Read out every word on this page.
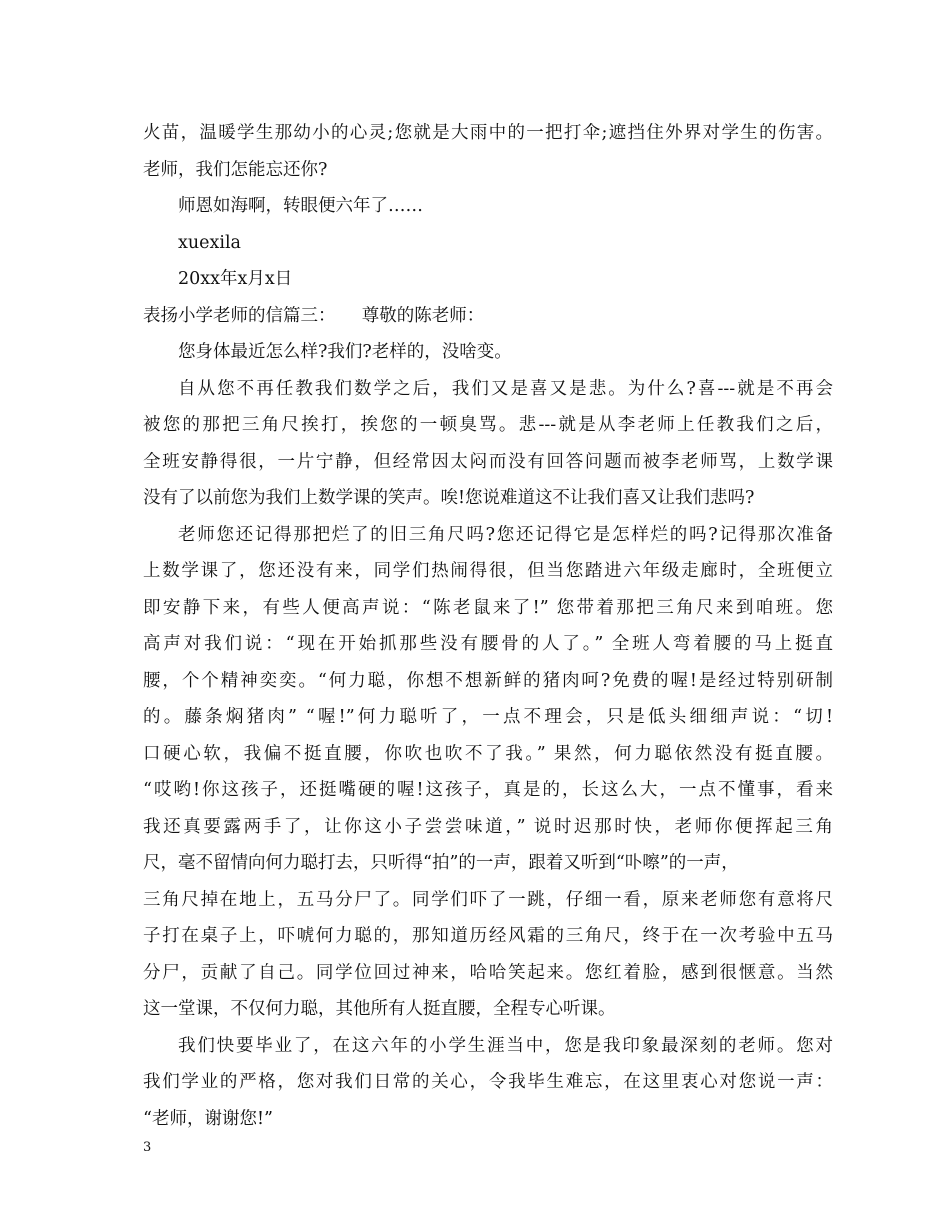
火苗，温暖学生那幼小的心灵;您就是大雨中的一把打伞;遮挡住外界对学生的伤害。
老师，我们怎能忘还你?
师恩如海啊，转眼便六年了……
xuexila
20xx年x月x日
表扬小学老师的信篇三：　　尊敬的陈老师：
您身体最近怎么样?我们?老样的，没啥变。
自从您不再任教我们数学之后，我们又是喜又是悲。为什么?喜---就是不再会
被您的那把三角尺挨打，挨您的一顿臭骂。悲---就是从李老师上任教我们之后，
全班安静得很，一片宁静，但经常因太闷而没有回答问题而被李老师骂，上数学课
没有了以前您为我们上数学课的笑声。唉!您说难道这不让我们喜又让我们悲吗?
老师您还记得那把烂了的旧三角尺吗?您还记得它是怎样烂的吗?记得那次准备
上数学课了，您还没有来，同学们热闹得很，但当您踏进六年级走廊时，全班便立
即安静下来，有些人便高声说：“陈老鼠来了!” 您带着那把三角尺来到咱班。您
高声对我们说：“现在开始抓那些没有腰骨的人了。” 全班人弯着腰的马上挺直
腰，个个精神奕奕。“何力聪，你想不想新鲜的猪肉呵?免费的喔!是经过特别研制
的。藤条焖猪肉” “喔!”何力聪听了，一点不理会，只是低头细细声说：“切!
口硬心软，我偏不挺直腰，你吹也吹不了我。” 果然，何力聪依然没有挺直腰。
“哎哟!你这孩子，还挺嘴硬的喔!这孩子，真是的，长这么大，一点不懂事，看来
我还真要露两手了，让你这小子尝尝味道，” 说时迟那时快，老师你便挥起三角
尺，毫不留情向何力聪打去，只听得“拍”的一声，跟着又听到“卟嚓”的一声，
三角尺掉在地上，五马分尸了。同学们吓了一跳，仔细一看，原来老师您有意将尺
子打在桌子上，吓唬何力聪的，那知道历经风霜的三角尺，终于在一次考验中五马
分尸，贡献了自己。同学位回过神来，哈哈笑起来。您红着脸，感到很惬意。当然
这一堂课，不仅何力聪，其他所有人挺直腰，全程专心听课。
我们快要毕业了，在这六年的小学生涯当中，您是我印象最深刻的老师。您对
我们学业的严格，您对我们日常的关心，令我毕生难忘，在这里衷心对您说一声：
“老师，谢谢您!”
3
